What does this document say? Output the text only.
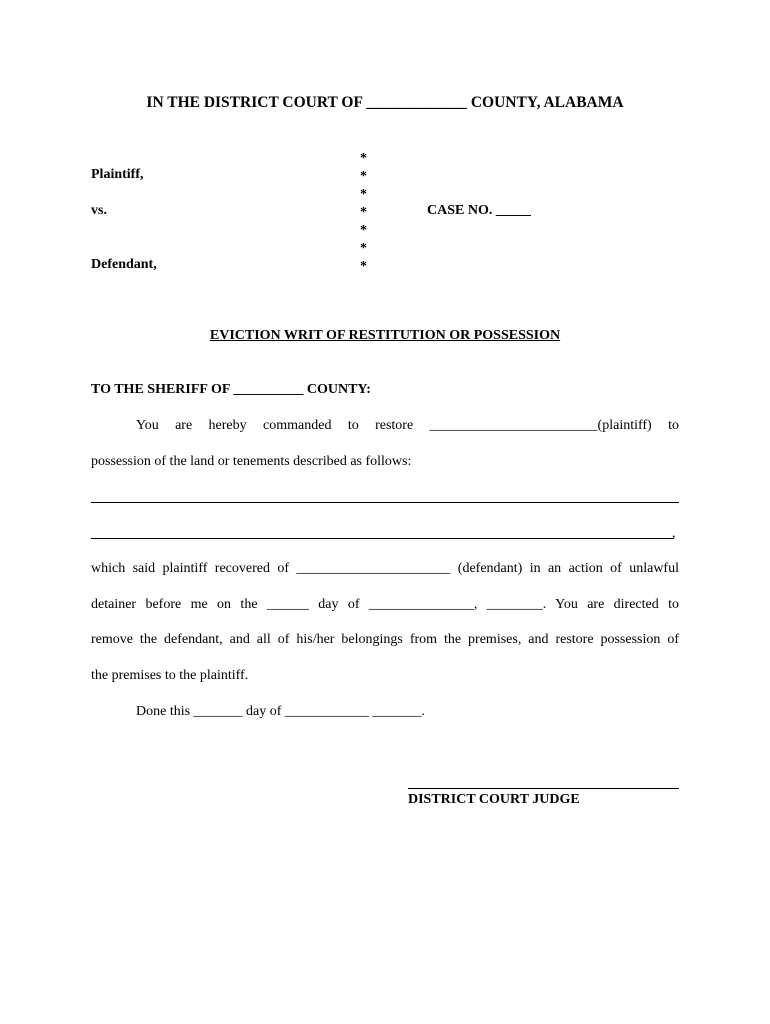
IN THE DISTRICT COURT OF _____________ COUNTY, ALABAMA
*
*
*
*
*
*
*
Plaintiff,
vs.
Defendant,
CASE NO. _____
EVICTION WRIT OF RESTITUTION OR POSSESSION
TO THE SHERIFF OF __________ COUNTY:
You are hereby commanded to restore ________________________(plaintiff) to
possession of the land or tenements described as follows:
,
which said plaintiff recovered of ______________________ (defendant) in an action of unlawful
detainer before me on the ______ day of _______________, ________. You are directed to
remove the defendant, and all of his/her belongings from the premises, and restore possession of
the premises to the plaintiff.
Done this _______ day of ____________ _______.
DISTRICT COURT JUDGE
